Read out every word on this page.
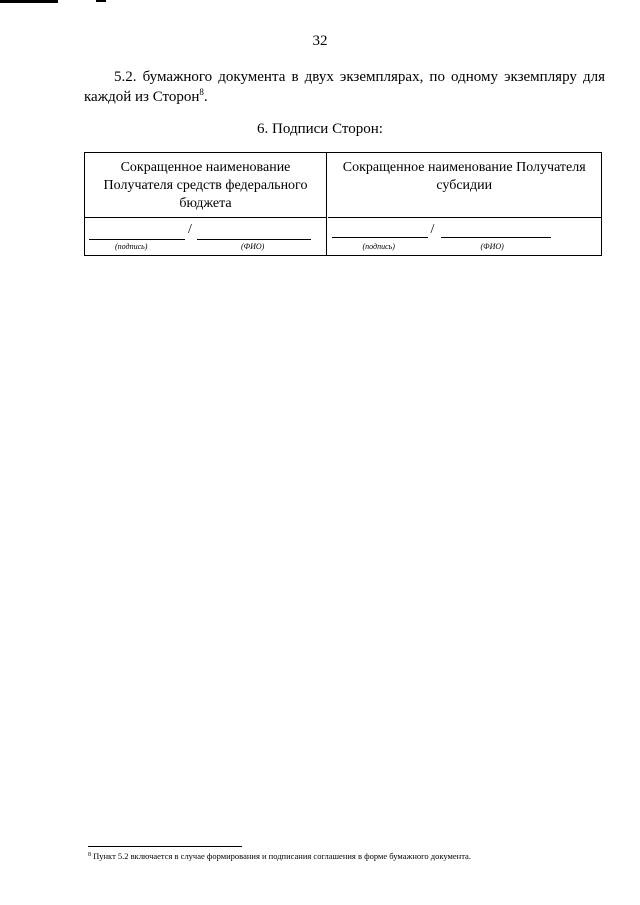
32
5.2. бумажного документа в двух экземплярах, по одному экземпляру для каждой из Сторон$^8$.
6. Подписи Сторон:
Сокращенное наименование Получателя средств федерального бюджета
/
(подпись)	(ФИО)
Сокращенное наименование Получателя субсидии
/
(подпись)	(ФИО)
$^8$ Пункт 5.2 включается в случае формирования и подписания соглашения в форме бумажного документа.
